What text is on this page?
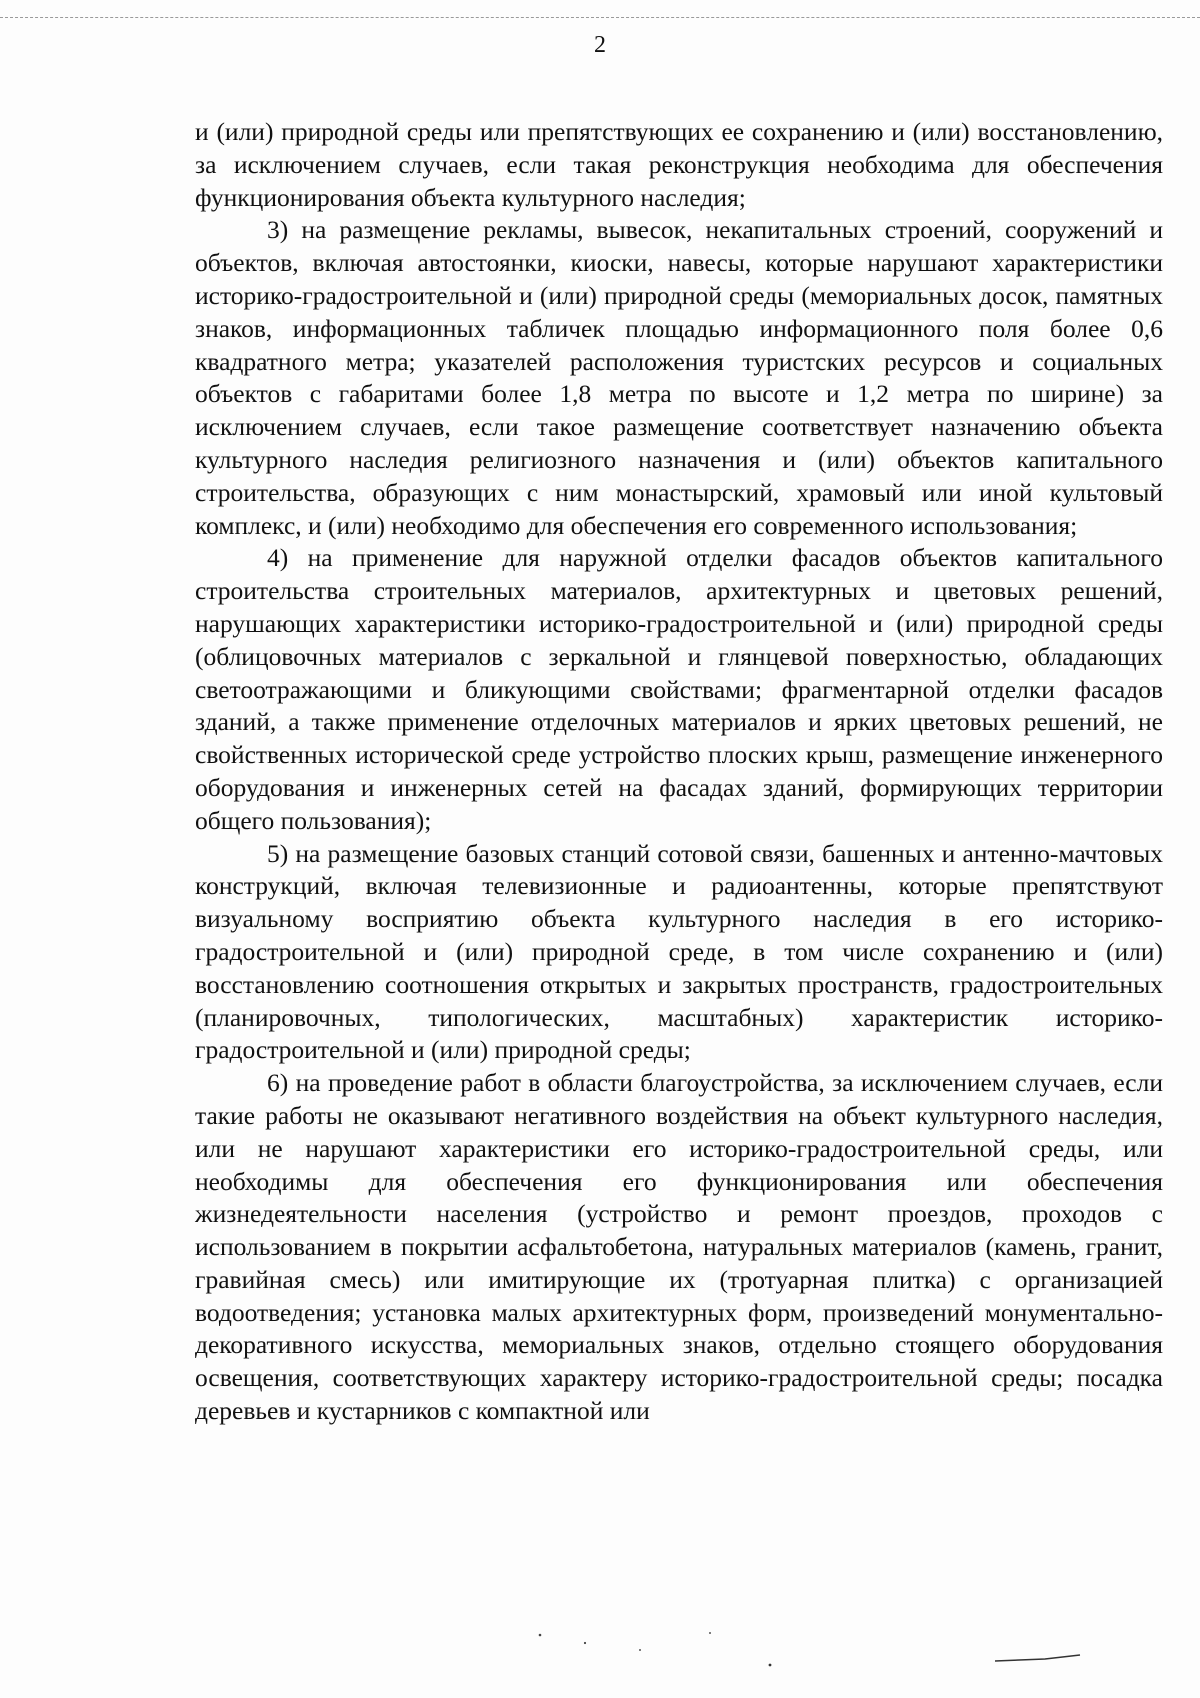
2

и (или) природной среды или препятствующих ее сохранению и (или) восстановлению, за исключением случаев, если такая реконструкция необходима для обеспечения функционирования объекта культурного наследия;

3) на размещение рекламы, вывесок, некапитальных строений, сооружений и объектов, включая автостоянки, киоски, навесы, которые нарушают характеристики историко-градостроительной и (или) природной среды (мемориальных досок, памятных знаков, информационных табличек площадью информационного поля более 0,6 квадратного метра; указателей расположения туристских ресурсов и социальных объектов с габаритами более 1,8 метра по высоте и 1,2 метра по ширине) за исключением случаев, если такое размещение соответствует назначению объекта культурного наследия религиозного назначения и (или) объектов капитального строительства, образующих с ним монастырский, храмовый или иной культовый комплекс, и (или) необходимо для обеспечения его современного использования;

4) на применение для наружной отделки фасадов объектов капитального строительства строительных материалов, архитектурных и цветовых решений, нарушающих характеристики историко-градостроительной и (или) природной среды (облицовочных материалов с зеркальной и глянцевой поверхностью, обладающих светоотражающими и бликующими свойствами; фрагментарной отделки фасадов зданий, а также применение отделочных материалов и ярких цветовых решений, не свойственных исторической среде устройство плоских крыш, размещение инженерного оборудования и инженерных сетей на фасадах зданий, формирующих территории общего пользования);

5) на размещение базовых станций сотовой связи, башенных и антенно-мачтовых конструкций, включая телевизионные и радиоантенны, которые препятствуют визуальному восприятию объекта культурного наследия в его историко-градостроительной и (или) природной среде, в том числе сохранению и (или) восстановлению соотношения открытых и закрытых пространств, градостроительных (планировочных, типологических, масштабных) характеристик историко-градостроительной и (или) природной среды;

6) на проведение работ в области благоустройства, за исключением случаев, если такие работы не оказывают негативного воздействия на объект культурного наследия, или не нарушают характеристики его историко-градостроительной среды, или необходимы для обеспечения его функционирования или обеспечения жизнедеятельности населения (устройство и ремонт проездов, проходов с использованием в покрытии асфальтобетона, натуральных материалов (камень, гранит, гравийная смесь) или имитирующие их (тротуарная плитка) с организацией водоотведения; установка малых архитектурных форм, произведений монументально-декоративного искусства, мемориальных знаков, отдельно стоящего оборудования освещения, соответствующих характеру историко-градостроительной среды; посадка деревьев и кустарников с компактной или
